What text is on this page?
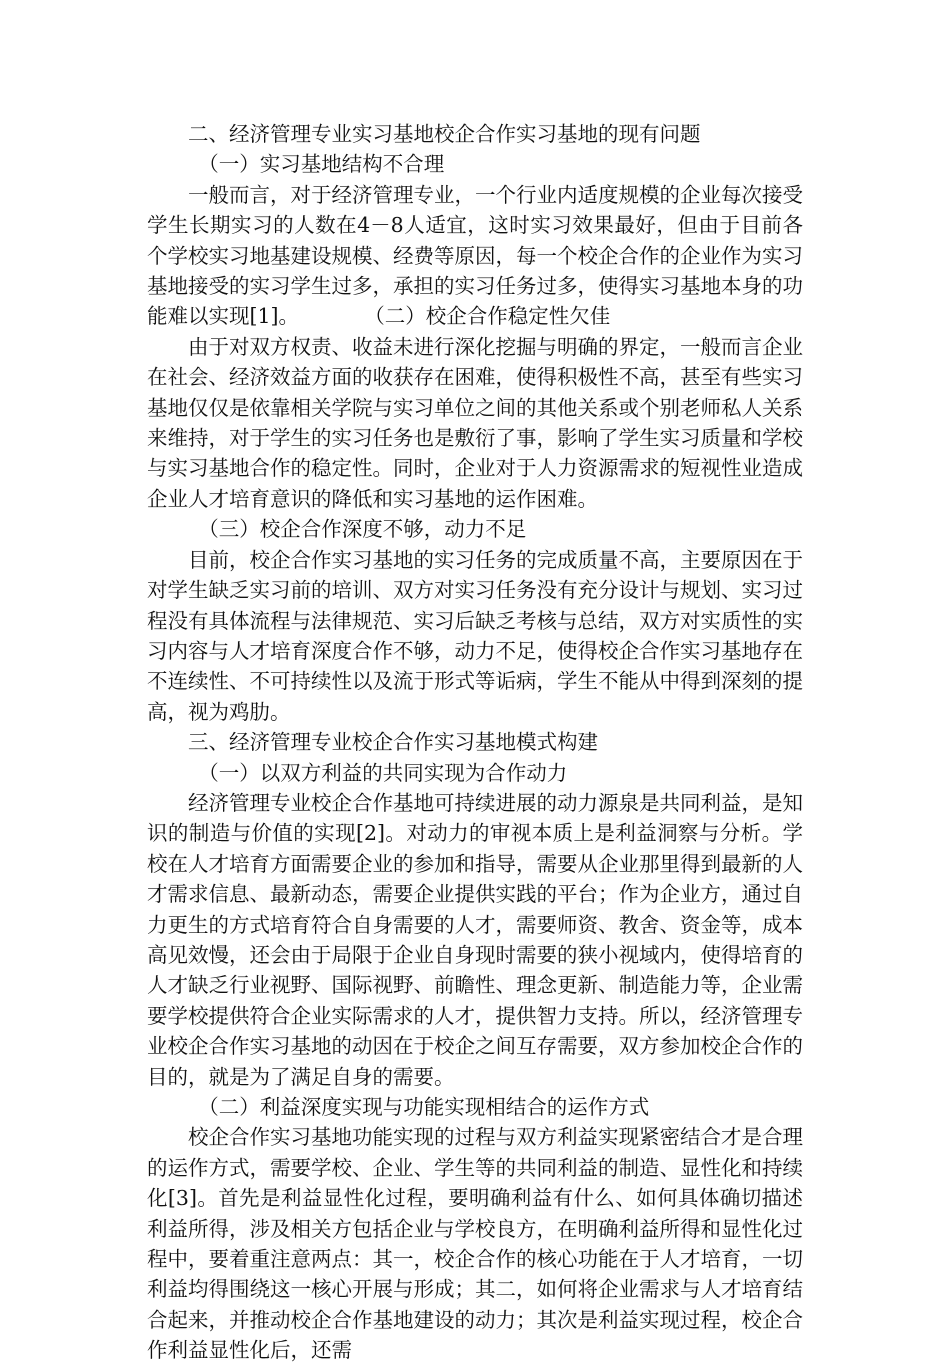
二、经济管理专业实习基地校企合作实习基地的现有问题

（一）实习基地结构不合理

一般而言，对于经济管理专业，一个行业内适度规模的企业每次接受学生长期实习的人数在4－8人适宜，这时实习效果最好，但由于目前各个学校实习地基建设规模、经费等原因，每一个校企合作的企业作为实习基地接受的实习学生过多，承担的实习任务过多，使得实习基地本身的功能难以实现[1]。          （二）校企合作稳定性欠佳

由于对双方权责、收益未进行深化挖掘与明确的界定，一般而言企业在社会、经济效益方面的收获存在困难，使得积极性不高，甚至有些实习基地仅仅是依靠相关学院与实习单位之间的其他关系或个别老师私人关系来维持，对于学生的实习任务也是敷衍了事，影响了学生实习质量和学校与实习基地合作的稳定性。同时，企业对于人力资源需求的短视性业造成企业人才培育意识的降低和实习基地的运作困难。

（三）校企合作深度不够，动力不足

目前，校企合作实习基地的实习任务的完成质量不高，主要原因在于对学生缺乏实习前的培训、双方对实习任务没有充分设计与规划、实习过程没有具体流程与法律规范、实习后缺乏考核与总结，双方对实质性的实习内容与人才培育深度合作不够，动力不足，使得校企合作实习基地存在不连续性、不可持续性以及流于形式等诟病，学生不能从中得到深刻的提高，视为鸡肋。

三、经济管理专业校企合作实习基地模式构建

（一）以双方利益的共同实现为合作动力

经济管理专业校企合作基地可持续进展的动力源泉是共同利益，是知识的制造与价值的实现[2]。对动力的审视本质上是利益洞察与分析。学校在人才培育方面需要企业的参加和指导，需要从企业那里得到最新的人才需求信息、最新动态，需要企业提供实践的平台；作为企业方，通过自力更生的方式培育符合自身需要的人才，需要师资、教舍、资金等，成本高见效慢，还会由于局限于企业自身现时需要的狭小视域内，使得培育的人才缺乏行业视野、国际视野、前瞻性、理念更新、制造能力等，企业需要学校提供符合企业实际需求的人才，提供智力支持。所以，经济管理专业校企合作实习基地的动因在于校企之间互存需要，双方参加校企合作的目的，就是为了满足自身的需要。

（二）利益深度实现与功能实现相结合的运作方式

校企合作实习基地功能实现的过程与双方利益实现紧密结合才是合理的运作方式，需要学校、企业、学生等的共同利益的制造、显性化和持续化[3]。首先是利益显性化过程，要明确利益有什么、如何具体确切描述利益所得，涉及相关方包括企业与学校良方，在明确利益所得和显性化过程中，要着重注意两点：其一，校企合作的核心功能在于人才培育，一切利益均得围绕这一核心开展与形成；其二，如何将企业需求与人才培育结合起来，并推动校企合作基地建设的动力；其次是利益实现过程，校企合作利益显性化后，还需
